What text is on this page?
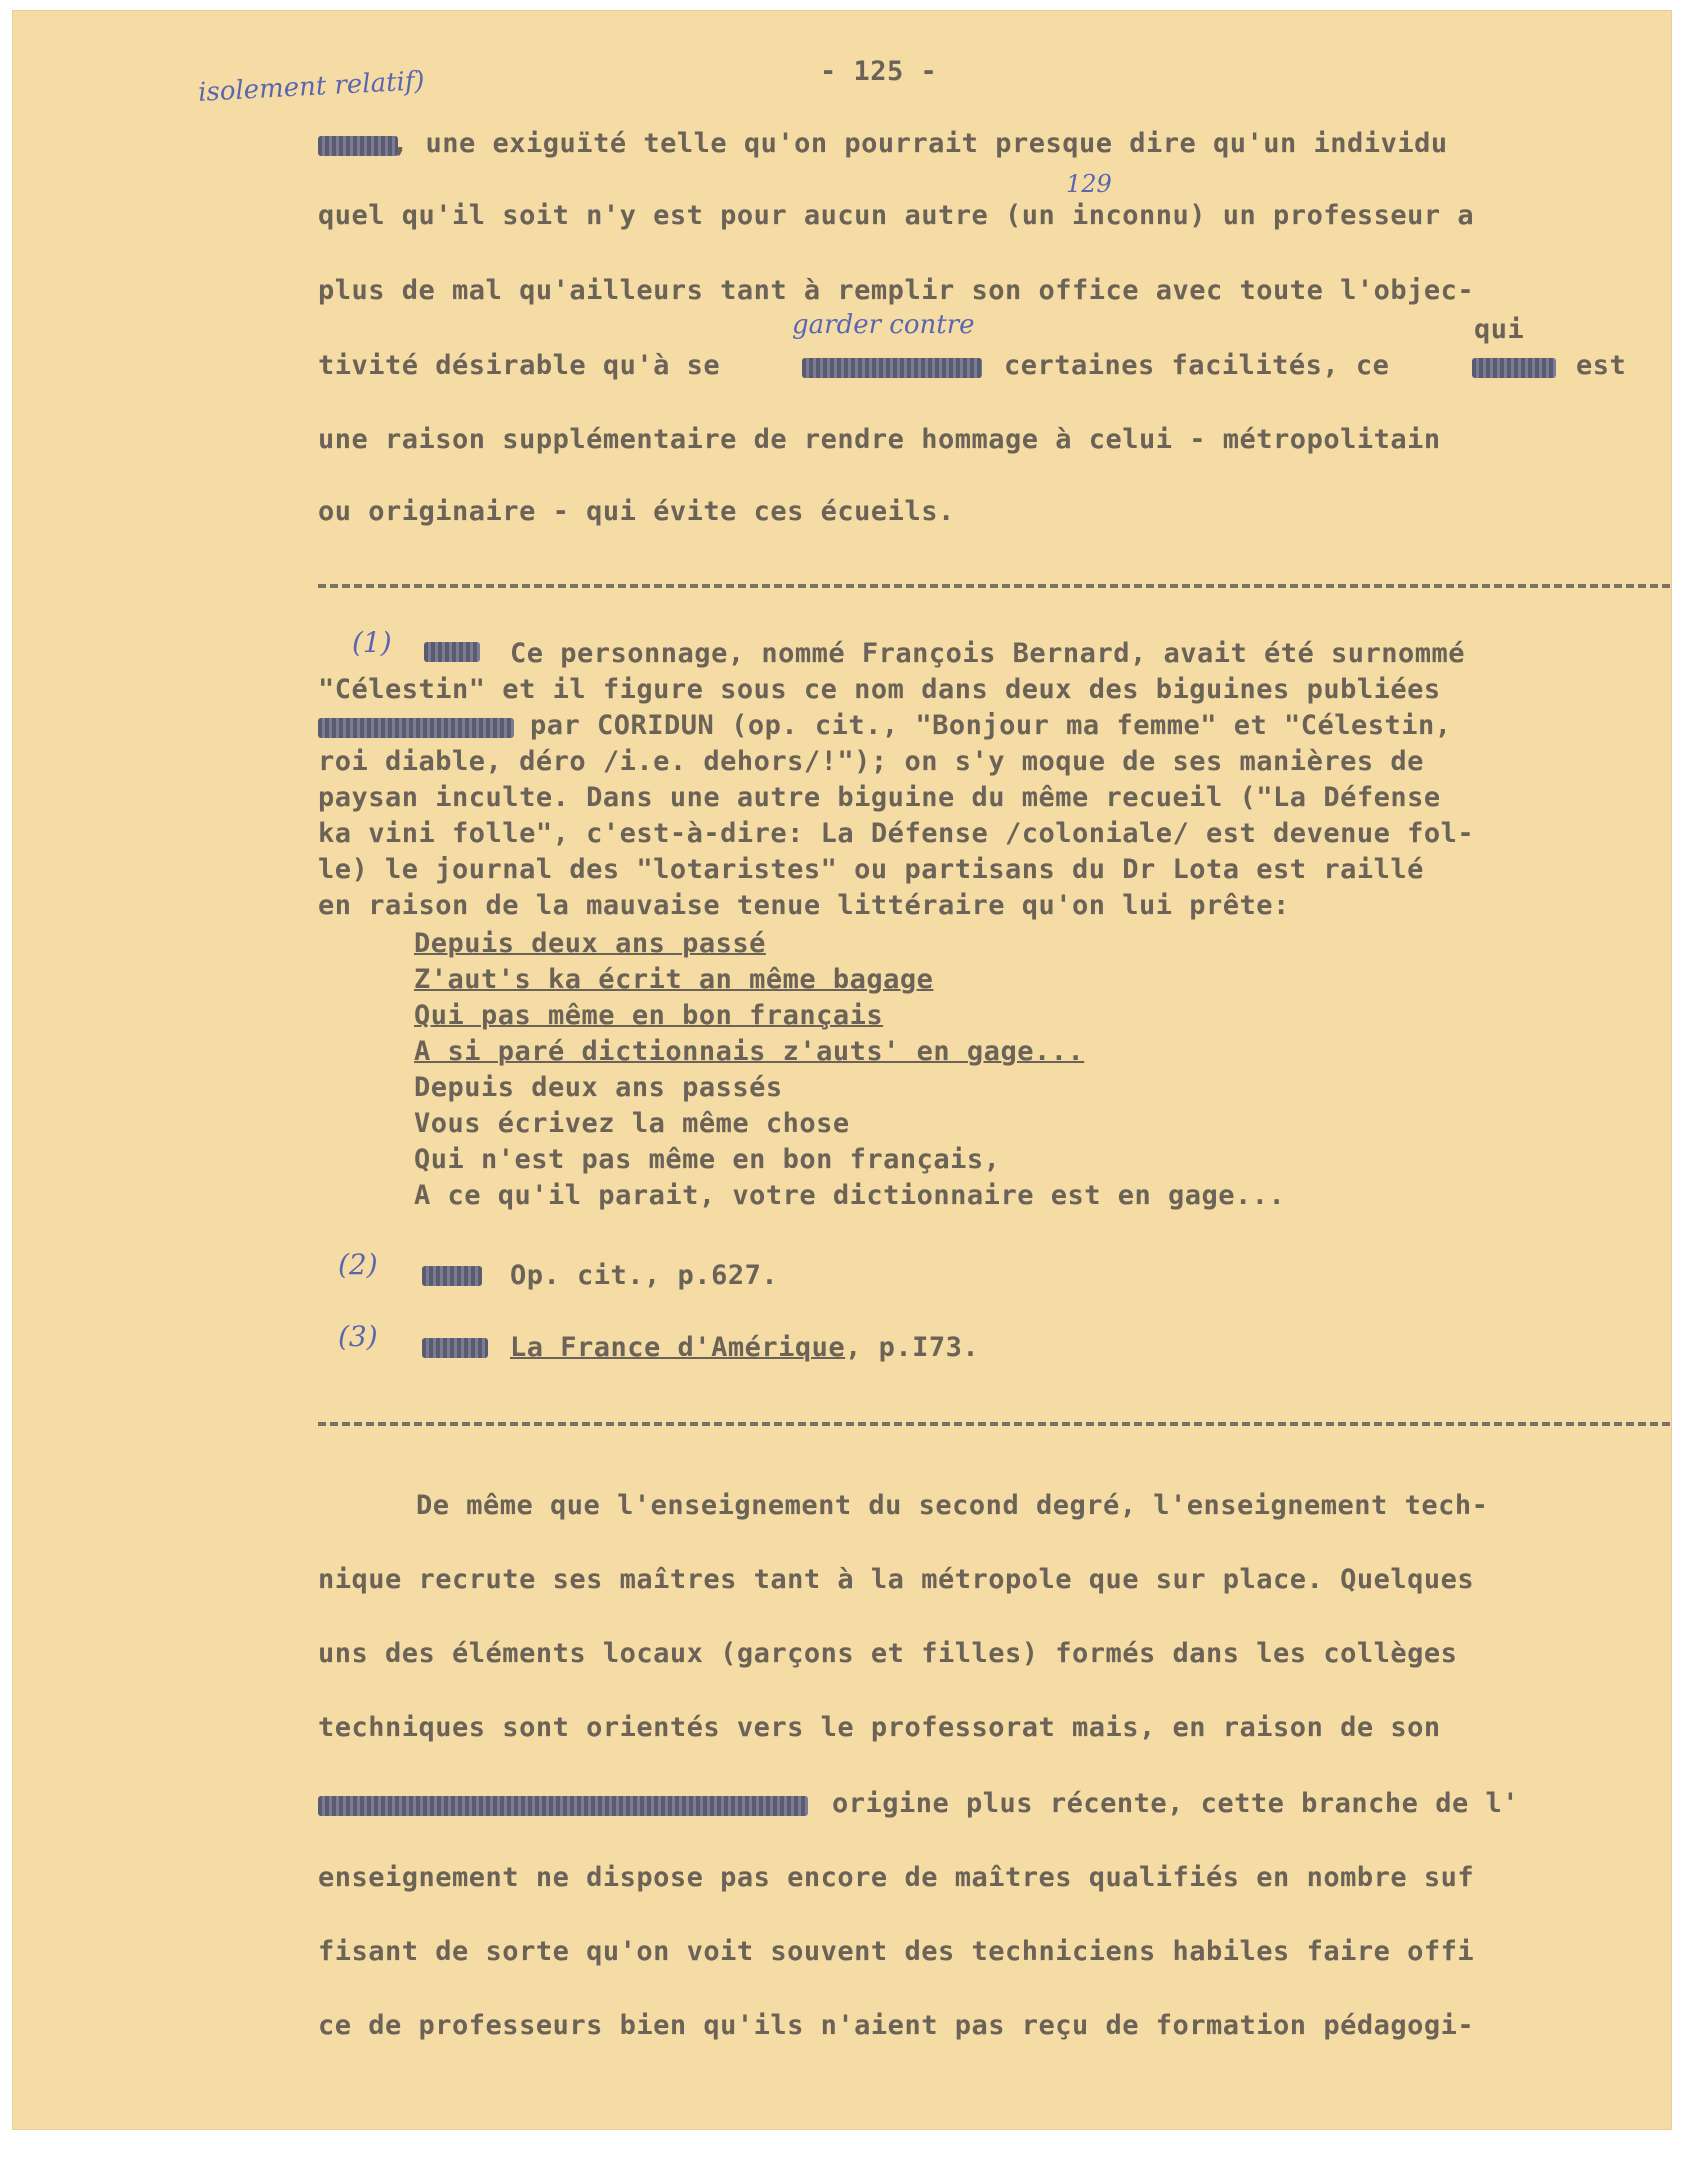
- 125 -
isolement relatif)
, une exiguïté telle qu'on pourrait presque dire qu'un individu
quel qu'il soit n'y est pour aucun autre (un inconnu) un professeur a
129
plus de mal qu'ailleurs tant à remplir son office avec toute l'objec-
garder contre	qui
tivité désirable qu'à se	certaines facilités, ce	est
une raison supplémentaire de rendre hommage à celui - métropolitain
ou originaire - qui évite ces écueils.
(1)	Ce personnage, nommé François Bernard, avait été surnommé
"Célestin" et il figure sous ce nom dans deux des biguines publiées
par CORIDUN (op. cit., "Bonjour ma femme" et "Célestin,
roi diable, déro /i.e. dehors/!"); on s'y moque de ses manières de
paysan inculte. Dans une autre biguine du même recueil ("La Défense
ka vini folle", c'est-à-dire: La Défense /coloniale/ est devenue fol-
le) le journal des "lotaristes" ou partisans du Dr Lota est raillé
en raison de la mauvaise tenue littéraire qu'on lui prête:
Depuis deux ans passé
Z'aut's ka écrit an même bagage
Qui pas même en bon français
A si paré dictionnais z'auts' en gage...
Depuis deux ans passés
Vous écrivez la même chose
Qui n'est pas même en bon français,
A ce qu'il parait, votre dictionnaire est en gage...
(2)	Op. cit., p.627.
(3)	La France d'Amérique, p.I73.
De même que l'enseignement du second degré, l'enseignement tech-
nique recrute ses maîtres tant à la métropole que sur place. Quelques
uns des éléments locaux (garçons et filles) formés dans les collèges
techniques sont orientés vers le professorat mais, en raison de son
origine plus récente, cette branche de l'
enseignement ne dispose pas encore de maîtres qualifiés en nombre suf
fisant de sorte qu'on voit souvent des techniciens habiles faire offi
ce de professeurs bien qu'ils n'aient pas reçu de formation pédagogi-
